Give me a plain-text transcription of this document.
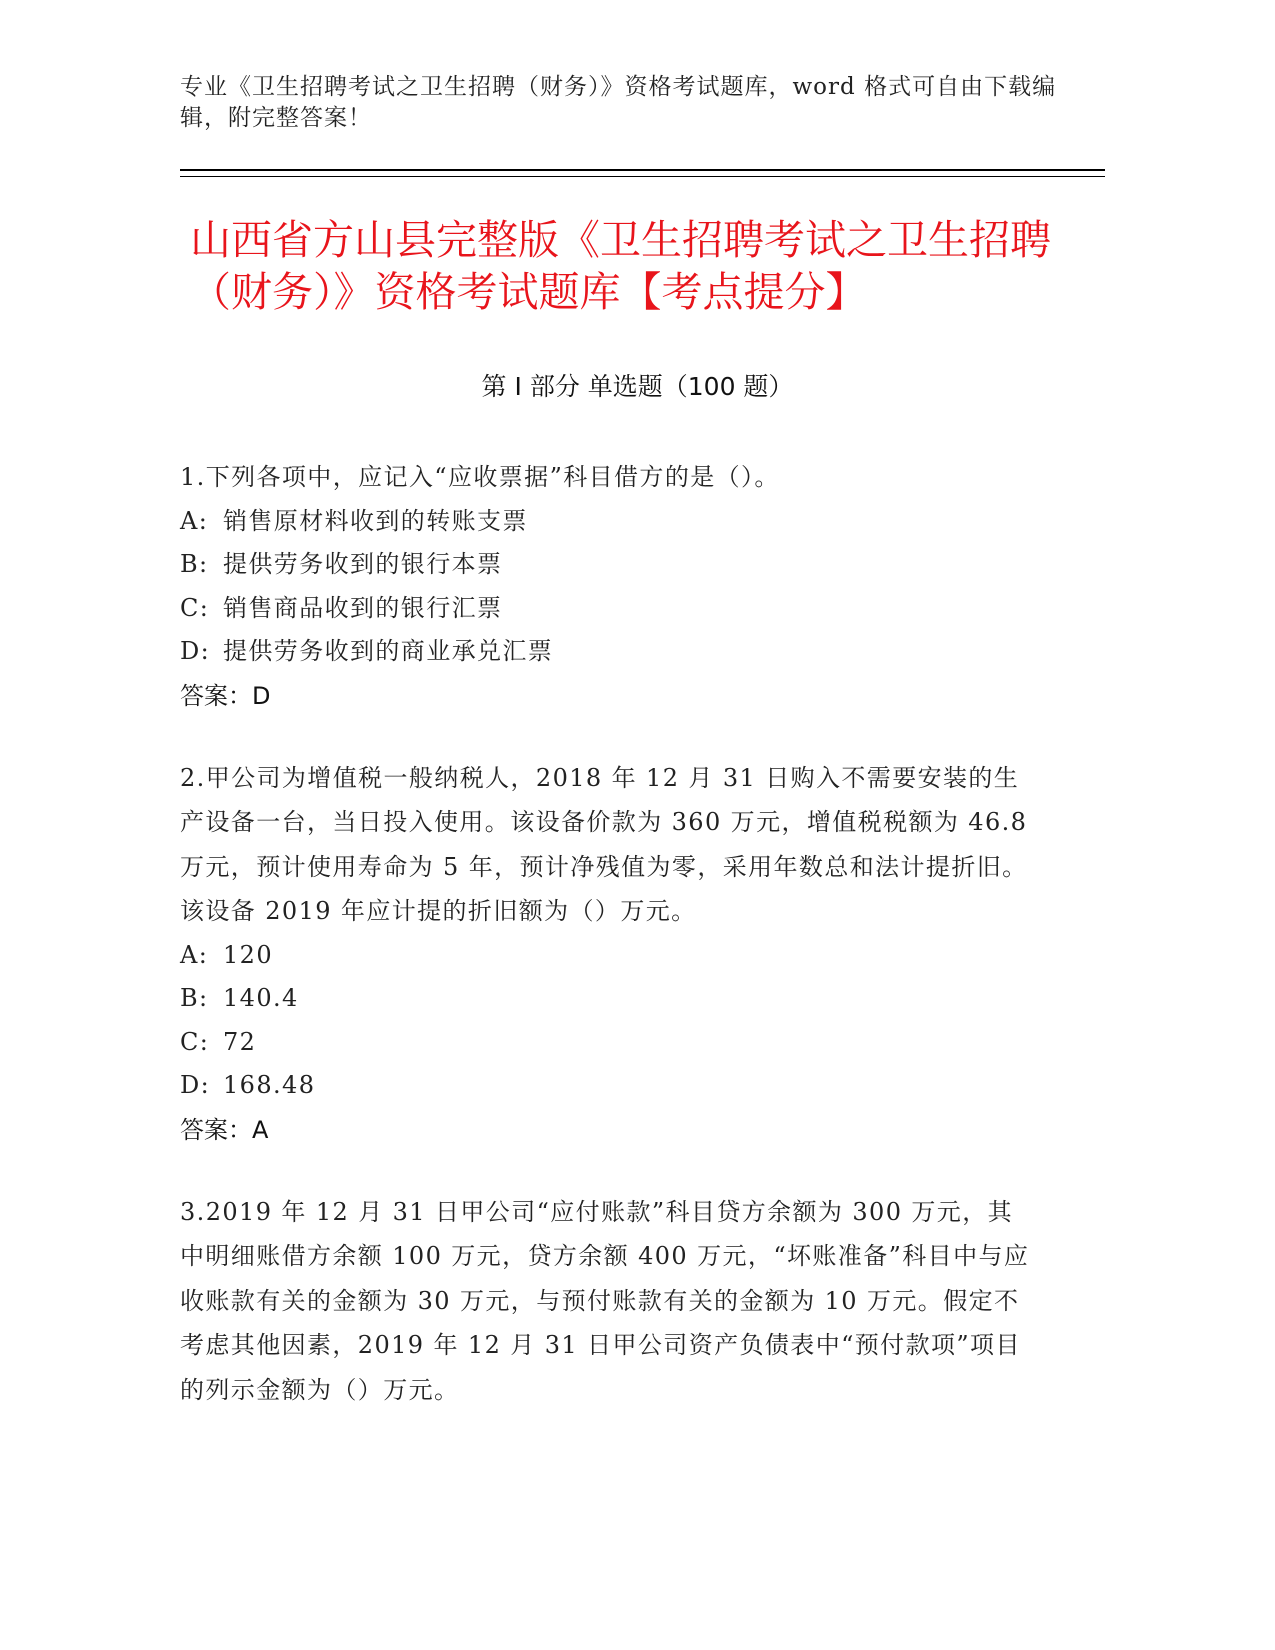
专业《卫生招聘考试之卫生招聘（财务）》资格考试题库，word 格式可自由下载编辑，附完整答案！
山西省方山县完整版《卫生招聘考试之卫生招聘（财务）》资格考试题库【考点提分】
第 I 部分 单选题（100 题）
1.下列各项中，应记入“应收票据”科目借方的是（）。
A: 销售原材料收到的转账支票
B: 提供劳务收到的银行本票
C: 销售商品收到的银行汇票
D: 提供劳务收到的商业承兑汇票
答案：D
2.甲公司为增值税一般纳税人，2018 年 12 月 31 日购入不需要安装的生产设备一台，当日投入使用。该设备价款为 360 万元，增值税税额为 46.8 万元，预计使用寿命为 5 年，预计净残值为零，采用年数总和法计提折旧。该设备 2019 年应计提的折旧额为（）万元。
A: 120
B: 140.4
C: 72
D: 168.48
答案：A
3.2019 年 12 月 31 日甲公司“应付账款”科目贷方余额为 300 万元，其中明细账借方余额 100 万元，贷方余额 400 万元，“坏账准备”科目中与应收账款有关的金额为 30 万元，与预付账款有关的金额为 10 万元。假定不考虑其他因素，2019 年 12 月 31 日甲公司资产负债表中“预付款项”项目的列示金额为（）万元。
